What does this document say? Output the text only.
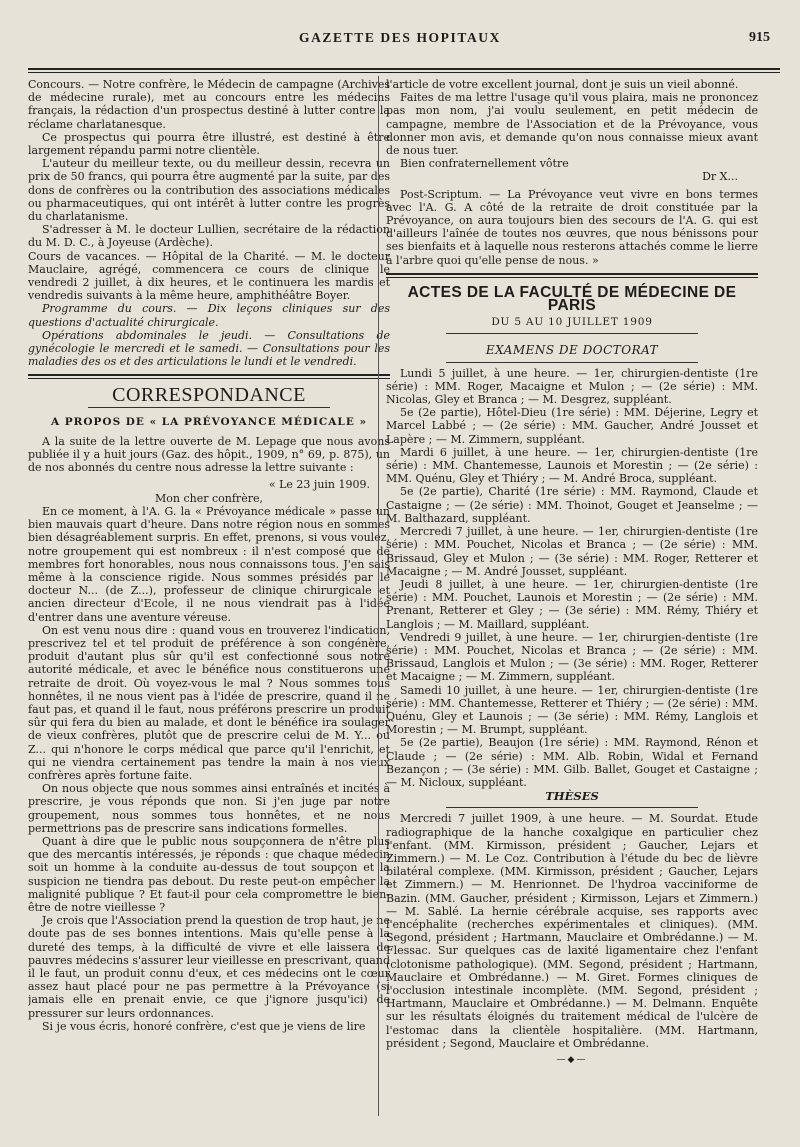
GAZETTE DES HOPITAUX	915

Concours. — Notre confrère, le Médecin de campagne (Archives de médecine rurale), met au concours entre les médecins français, la rédaction d'un prospectus destiné à lutter contre la réclame charlatanesque.

Ce prospectus qui pourra être illustré, est destiné à être largement répandu parmi notre clientèle.

L'auteur du meilleur texte, ou du meilleur dessin, recevra un prix de 50 francs, qui pourra être augmenté par la suite, par des dons de confrères ou la contribution des associations médicales ou pharmaceutiques, qui ont intérêt à lutter contre les progrès du charlatanisme.

S'adresser à M. le docteur Lullien, secrétaire de la rédaction du M. D. C., à Joyeuse (Ardèche).

Cours de vacances. — Hôpital de la Charité. — M. le docteur Mauclaire, agrégé, commencera ce cours de clinique le vendredi 2 juillet, à dix heures, et le continuera les mardis et vendredis suivants à la même heure, amphithéâtre Boyer.

Programme du cours. — Dix leçons cliniques sur des questions d'actualité chirurgicale.

Opérations abdominales le jeudi. — Consultations de gynécologie le mercredi et le samedi. — Consultations pour les maladies des os et des articulations le lundi et le vendredi.

CORRESPONDANCE
A PROPOS DE « LA PRÉVOYANCE MÉDICALE »

A la suite de la lettre ouverte de M. Lepage que nous avons publiée il y a huit jours (Gaz. des hôpit., 1909, n° 69, p. 875), un de nos abonnés du centre nous adresse la lettre suivante :

« Le 23 juin 1909.

Mon cher confrère,

En ce moment, à l'A. G. la « Prévoyance médicale » passe un bien mauvais quart d'heure. Dans notre région nous en sommes bien désagréablement surpris. En effet, prenons, si vous voulez, notre groupement qui est nombreux : il n'est composé que de membres fort honorables, nous nous connaissons tous. J'en sais même à la conscience rigide. Nous sommes présidés par le docteur N... (de Z...), professeur de clinique chirurgicale et ancien directeur d'Ecole, il ne nous viendrait pas à l'idée d'entrer dans une aventure véreuse.

On est venu nous dire : quand vous en trouverez l'indication, prescrivez tel et tel produit de préférence à son congénère, produit d'autant plus sûr qu'il est confectionné sous notre autorité médicale, et avec le bénéfice nous constituerons une retraite de droit. Où voyez-vous le mal ? Nous sommes tous honnêtes, il ne nous vient pas à l'idée de prescrire, quand il ne faut pas, et quand il le faut, nous préférons prescrire un produit sûr qui fera du bien au malade, et dont le bénéfice ira soulager de vieux confrères, plutôt que de prescrire celui de M. Y... ou Z... qui n'honore le corps médical que parce qu'il l'enrichit, et qui ne viendra certainement pas tendre la main à nos vieux confrères après fortune faite.

On nous objecte que nous sommes ainsi entraînés et incités à prescrire, je vous réponds que non. Si j'en juge par notre groupement, nous sommes tous honnêtes, et ne nous permettrions pas de prescrire sans indications formelles.

Quant à dire que le public nous soupçonnera de n'être plus que des mercantis intéressés, je réponds : que chaque médecin soit un homme à la conduite au-dessus de tout soupçon et la suspicion ne tiendra pas debout. Du reste peut-on empêcher la malignité publique ? Et faut-il pour cela compromettre le bien-être de notre vieillesse ?

Je crois que l'Association prend la question de trop haut, je ne doute pas de ses bonnes intentions. Mais qu'elle pense à la dureté des temps, à la difficulté de vivre et elle laissera de pauvres médecins s'assurer leur vieillesse en prescrivant, quand il le faut, un produit connu d'eux, et ces médecins ont le cœur assez haut placé pour ne pas permettre à la Prévoyance (si jamais elle en prenait envie, ce que j'ignore jusqu'ici) de pressurer sur leurs ordonnances.

Si je vous écris, honoré confrère, c'est que je viens de lire

l'article de votre excellent journal, dont je suis un vieil abonné.

Faites de ma lettre l'usage qu'il vous plaira, mais ne prononcez pas mon nom, j'ai voulu seulement, en petit médecin de campagne, membre de l'Association et de la Prévoyance, vous donner mon avis, et demande qu'on nous connaisse mieux avant de nous tuer.

Bien confraternellement vôtre

Dr X...

Post-Scriptum. — La Prévoyance veut vivre en bons termes avec l'A. G. A côté de la retraite de droit constituée par la Prévoyance, on aura toujours bien des secours de l'A. G. qui est d'ailleurs l'aînée de toutes nos œuvres, que nous bénissons pour ses bienfaits et à laquelle nous resterons attachés comme le lierre à l'arbre quoi qu'elle pense de nous. »

ACTES DE LA FACULTÉ DE MÉDECINE DE PARIS
DU 5 AU 10 JUILLET 1909
EXAMENS DE DOCTORAT

Lundi 5 juillet, à une heure. — 1er, chirurgien-dentiste (1re série) : MM. Roger, Macaigne et Mulon ; — (2e série) : MM. Nicolas, Gley et Branca ; — M. Desgrez, suppléant.

5e (2e partie), Hôtel-Dieu (1re série) : MM. Déjerine, Legry et Marcel Labbé ; — (2e série) : MM. Gaucher, André Jousset et Lapère ; — M. Zimmern, suppléant.

Mardi 6 juillet, à une heure. — 1er, chirurgien-dentiste (1re série) : MM. Chantemesse, Launois et Morestin ; — (2e série) : MM. Quénu, Gley et Thiéry ; — M. André Broca, suppléant.

5e (2e partie), Charité (1re série) : MM. Raymond, Claude et Castaigne ; — (2e série) : MM. Thoinot, Gouget et Jeanselme ; — M. Balthazard, suppléant.

Mercredi 7 juillet, à une heure. — 1er, chirurgien-dentiste (1re série) : MM. Pouchet, Nicolas et Branca ; — (2e série) : MM. Brissaud, Gley et Mulon ; — (3e série) : MM. Roger, Retterer et Macaigne ; — M. André Jousset, suppléant.

Jeudi 8 juillet, à une heure. — 1er, chirurgien-dentiste (1re série) : MM. Pouchet, Launois et Morestin ; — (2e série) : MM. Prenant, Retterer et Gley ; — (3e série) : MM. Rémy, Thiéry et Langlois ; — M. Maillard, suppléant.

Vendredi 9 juillet, à une heure. — 1er, chirurgien-dentiste (1re série) : MM. Pouchet, Nicolas et Branca ; — (2e série) : MM. Brissaud, Langlois et Mulon ; — (3e série) : MM. Roger, Retterer et Macaigne ; — M. Zimmern, suppléant.

Samedi 10 juillet, à une heure. — 1er, chirurgien-dentiste (1re série) : MM. Chantemesse, Retterer et Thiéry ; — (2e série) : MM. Quénu, Gley et Launois ; — (3e série) : MM. Rémy, Langlois et Morestin ; — M. Brumpt, suppléant.

5e (2e partie), Beaujon (1re série) : MM. Raymond, Rénon et Claude ; — (2e série) : MM. Alb. Robin, Widal et Fernand Bezançon ; — (3e série) : MM. Gilb. Ballet, Gouget et Castaigne ; — M. Nicloux, suppléant.

THÈSES

Mercredi 7 juillet 1909, à une heure. — M. Sourdat. Etude radiographique de la hanche coxalgique en particulier chez l'enfant. (MM. Kirmisson, président ; Gaucher, Lejars et Zimmern.) — M. Le Coz. Contribution à l'étude du bec de lièvre bilatéral complexe. (MM. Kirmisson, président ; Gaucher, Lejars et Zimmern.) — M. Henrionnet. De l'hydroa vacciniforme de Bazin. (MM. Gaucher, président ; Kirmisson, Lejars et Zimmern.) — M. Sablé. La hernie cérébrale acquise, ses rapports avec l'encéphalite (recherches expérimentales et cliniques). (MM. Segond, président ; Hartmann, Mauclaire et Ombrédanne.) — M. Flessac. Sur quelques cas de laxité ligamentaire chez l'enfant (clotonisme pathologique). (MM. Segond, président ; Hartmann, Mauclaire et Ombrédanne.) — M. Giret. Formes cliniques de l'occlusion intestinale incomplète. (MM. Segond, président ; Hartmann, Mauclaire et Ombrédanne.) — M. Delmann. Enquête sur les résultats éloignés du traitement médical de l'ulcère de l'estomac dans la clientèle hospitalière. (MM. Hartmann, président ; Segond, Mauclaire et Ombrédanne.

—◆—
